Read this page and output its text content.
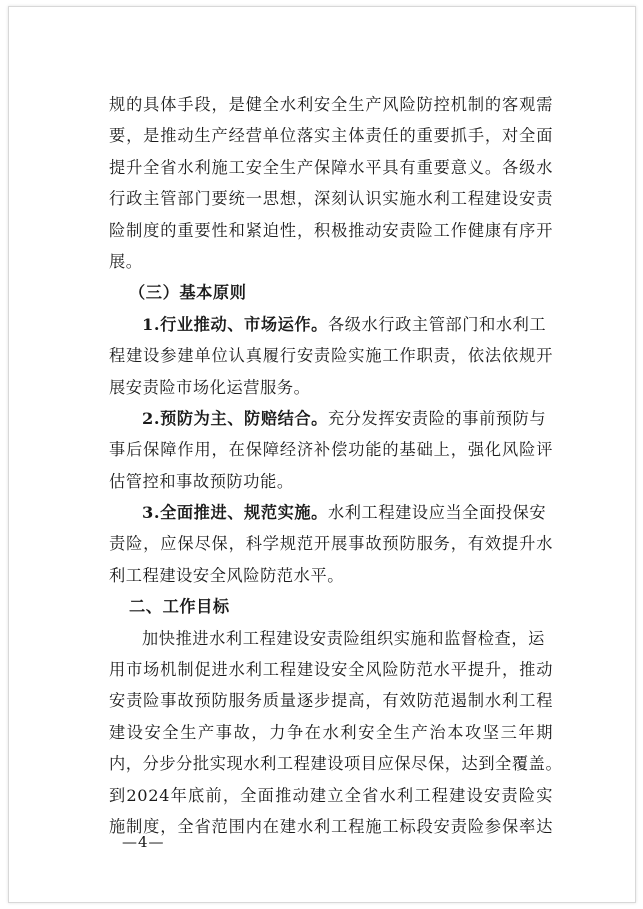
规的具体手段，是健全水利安全生产风险防控机制的客观需
要，是推动生产经营单位落实主体责任的重要抓手，对全面
提升全省水利施工安全生产保障水平具有重要意义。各级水
行政主管部门要统一思想，深刻认识实施水利工程建设安责
险制度的重要性和紧迫性，积极推动安责险工作健康有序开
展。
（三）基本原则
1.行业推动、市场运作。各级水行政主管部门和水利工
程建设参建单位认真履行安责险实施工作职责，依法依规开
展安责险市场化运营服务。
2.预防为主、防赔结合。充分发挥安责险的事前预防与
事后保障作用，在保障经济补偿功能的基础上，强化风险评
估管控和事故预防功能。
3.全面推进、规范实施。水利工程建设应当全面投保安
责险，应保尽保，科学规范开展事故预防服务，有效提升水
利工程建设安全风险防范水平。
二、工作目标
加快推进水利工程建设安责险组织实施和监督检查，运
用市场机制促进水利工程建设安全风险防范水平提升，推动
安责险事故预防服务质量逐步提高，有效防范遏制水利工程
建设安全生产事故，力争在水利安全生产治本攻坚三年期
内，分步分批实现水利工程建设项目应保尽保，达到全覆盖。
到2024年底前，全面推动建立全省水利工程建设安责险实
施制度，全省范围内在建水利工程施工标段安责险参保率达
—4—
